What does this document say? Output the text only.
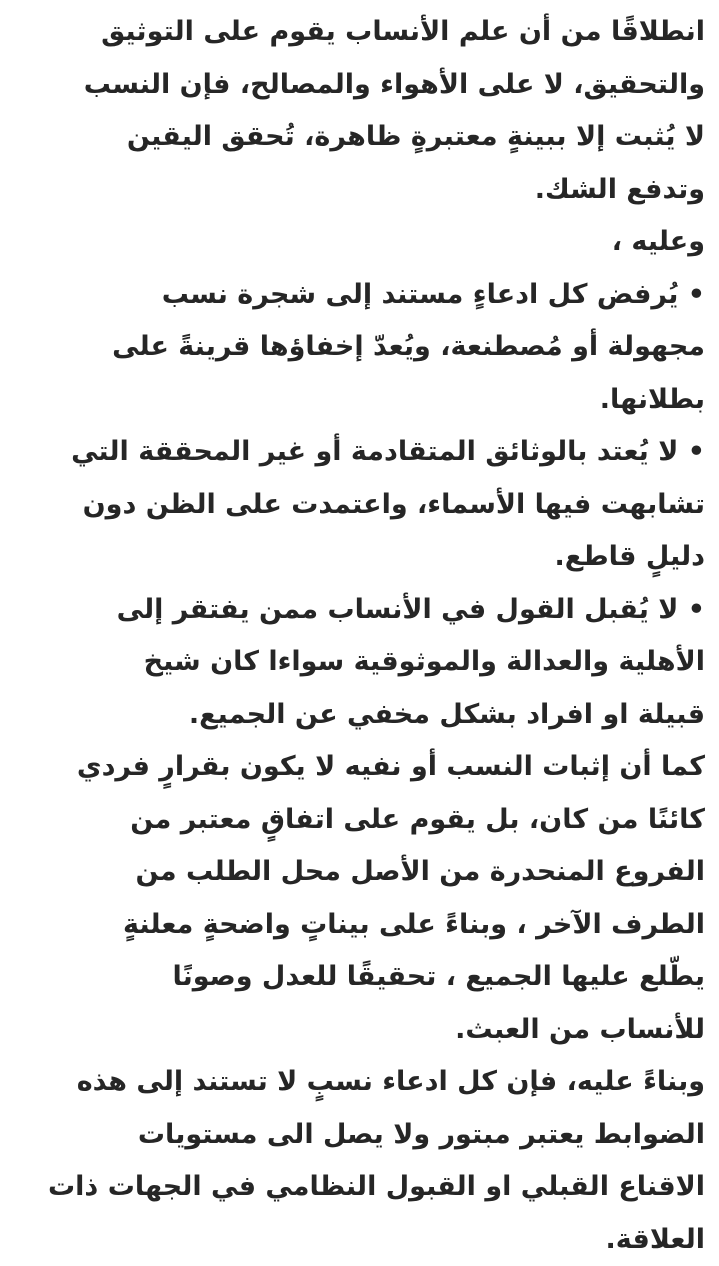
انطلاقًا من أن علم الأنساب يقوم على التوثيق
والتحقيق، لا على الأهواء والمصالح، فإن النسب
لا يُثبت إلا ببينةٍ معتبرةٍ ظاهرة، تُحقق اليقين
وتدفع الشك.
وعليه ،
• يُرفض كل ادعاءٍ مستند إلى شجرة نسب
مجهولة أو مُصطنعة، ويُعدّ إخفاؤها قرينةً على
بطلانها.
• لا يُعتد بالوثائق المتقادمة أو غير المحققة التي
تشابهت فيها الأسماء، واعتمدت على الظن دون
دليلٍ قاطع.
• لا يُقبل القول في الأنساب ممن يفتقر إلى
الأهلية والعدالة والموثوقية سواءا كان شيخ
قبيلة او افراد بشكل مخفي عن الجميع.
كما أن إثبات النسب أو نفيه لا يكون بقرارٍ فردي
كائنًا من كان، بل يقوم على اتفاقٍ معتبر من
الفروع المنحدرة من الأصل محل الطلب من
الطرف الآخر ، وبناءً على بيناتٍ واضحةٍ معلنةٍ
يطّلع عليها الجميع ، تحقيقًا للعدل وصونًا
للأنساب من العبث.
وبناءً عليه، فإن كل ادعاء نسبٍ لا تستند إلى هذه
الضوابط يعتبر مبتور ولا يصل الى مستويات
الاقناع القبلي او القبول النظامي في الجهات ذات
العلاقة.
